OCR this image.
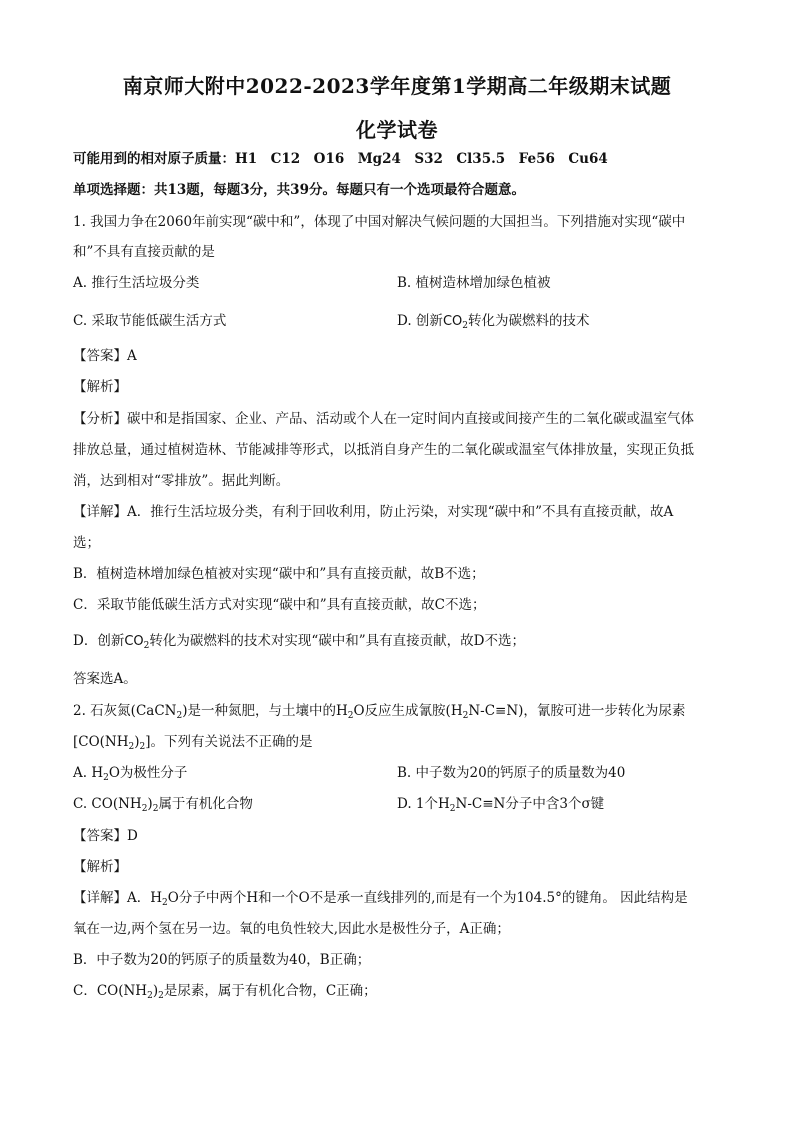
南京师大附中2022-2023学年度第1学期高二年级期末试题
化学试卷
可能用到的相对原子质量：H1　C12　O16　Mg24　S32　Cl35.5　Fe56　Cu64
单项选择题：共13题，每题3分，共39分。每题只有一个选项最符合题意。
1. 我国力争在2060年前实现“碳中和”，体现了中国对解决气候问题的大国担当。下列措施对实现“碳中
和”不具有直接贡献的是
A. 推行生活垃圾分类	B. 植树造林增加绿色植被
C. 采取节能低碳生活方式	D. 创新$CO_2$转化为碳燃料的技术
【答案】A
【解析】
【分析】碳中和是指国家、企业、产品、活动或个人在一定时间内直接或间接产生的二氧化碳或温室气体
排放总量，通过植树造林、节能减排等形式，以抵消自身产生的二氧化碳或温室气体排放量，实现正负抵
消，达到相对“零排放”。据此判断。
【详解】A．推行生活垃圾分类，有利于回收利用，防止污染，对实现“碳中和”不具有直接贡献，故A
选；
B．植树造林增加绿色植被对实现“碳中和”具有直接贡献，故B不选；
C．采取节能低碳生活方式对实现“碳中和”具有直接贡献，故C不选；
D．创新$CO_2$转化为碳燃料的技术对实现“碳中和”具有直接贡献，故D不选；
答案选A。
2. 石灰氮(CaCN$_2$)是一种氮肥，与土壤中的$H_2O$反应生成氰胺$(H_2N-C\equiv N)$，氰胺可进一步转化为尿素
$[CO(NH_2)_2]$。下列有关说法不正确的是
A. $H_2O$为极性分子	B. 中子数为20的钙原子的质量数为40
C. $CO(NH_2)_2$属于有机化合物	D. 1个$H_2N-C\equiv N$分子中含3个σ键
【答案】D
【解析】
【详解】A．$H_2O$分子中两个H和一个O不是承一直线排列的,而是有一个为104.5°的键角。 因此结构是
氧在一边,两个氢在另一边。氧的电负性较大,因此水是极性分子，A正确；
B．中子数为20的钙原子的质量数为40，B正确；
C．$CO(NH_2)_2$是尿素，属于有机化合物，C正确；
